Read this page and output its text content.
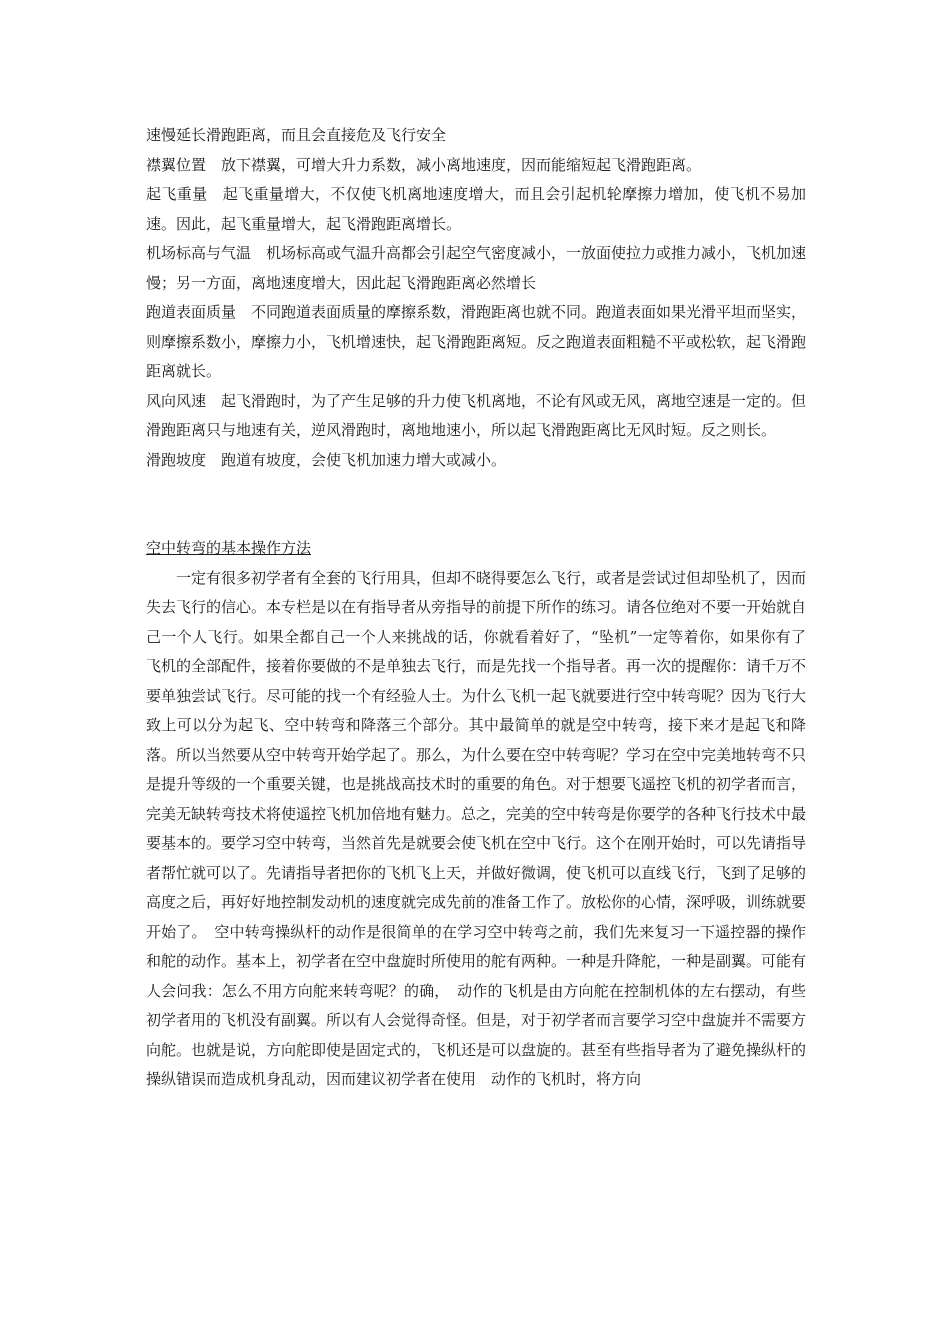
速慢延长滑跑距离，而且会直接危及飞行安全

襟翼位置　放下襟翼，可增大升力系数，减小离地速度，因而能缩短起飞滑跑距离。

起飞重量　起飞重量增大，不仅使飞机离地速度增大，而且会引起机轮摩擦力增加，使飞机不易加速。因此，起飞重量增大，起飞滑跑距离增长。

机场标高与气温　机场标高或气温升高都会引起空气密度减小，一放面使拉力或推力减小，飞机加速慢；另一方面，离地速度增大，因此起飞滑跑距离必然增长

跑道表面质量　不同跑道表面质量的摩擦系数，滑跑距离也就不同。跑道表面如果光滑平坦而坚实，则摩擦系数小，摩擦力小，飞机增速快，起飞滑跑距离短。反之跑道表面粗糙不平或松软，起飞滑跑距离就长。

风向风速　起飞滑跑时，为了产生足够的升力使飞机离地，不论有风或无风，离地空速是一定的。但滑跑距离只与地速有关，逆风滑跑时，离地地速小，所以起飞滑跑距离比无风时短。反之则长。

滑跑坡度　跑道有坡度，会使飞机加速力增大或减小。

空中转弯的基本操作方法

一定有很多初学者有全套的飞行用具，但却不晓得要怎么飞行，或者是尝试过但却坠机了，因而失去飞行的信心。本专栏是以在有指导者从旁指导的前提下所作的练习。请各位绝对不要一开始就自己一个人飞行。如果全都自己一个人来挑战的话，你就看着好了，“坠机”一定等着你，如果你有了飞机的全部配件，接着你要做的不是单独去飞行，而是先找一个指导者。再一次的提醒你：请千万不要单独尝试飞行。尽可能的找一个有经验人士。为什么飞机一起飞就要进行空中转弯呢？因为飞行大致上可以分为起飞、空中转弯和降落三个部分。其中最简单的就是空中转弯，接下来才是起飞和降落。所以当然要从空中转弯开始学起了。那么，为什么要在空中转弯呢？学习在空中完美地转弯不只是提升等级的一个重要关键，也是挑战高技术时的重要的角色。对于想要飞遥控飞机的初学者而言，完美无缺转弯技术将使遥控飞机加倍地有魅力。总之，完美的空中转弯是你要学的各种飞行技术中最要基本的。要学习空中转弯，当然首先是就要会使飞机在空中飞行。这个在刚开始时，可以先请指导者帮忙就可以了。先请指导者把你的飞机飞上天，并做好微调，使飞机可以直线飞行，飞到了足够的高度之后，再好好地控制发动机的速度就完成先前的准备工作了。放松你的心情，深呼吸，训练就要开始了。　空中转弯操纵杆的动作是很简单的在学习空中转弯之前，我们先来复习一下遥控器的操作和舵的动作。基本上，初学者在空中盘旋时所使用的舵有两种。一种是升降舵，一种是副翼。可能有人会问我：怎么不用方向舵来转弯呢？的确，　动作的飞机是由方向舵在控制机体的左右摆动，有些初学者用的飞机没有副翼。所以有人会觉得奇怪。但是，对于初学者而言要学习空中盘旋并不需要方向舵。也就是说，方向舵即使是固定式的，飞机还是可以盘旋的。甚至有些指导者为了避免操纵杆的操纵错误而造成机身乱动，因而建议初学者在使用　动作的飞机时，将方向
